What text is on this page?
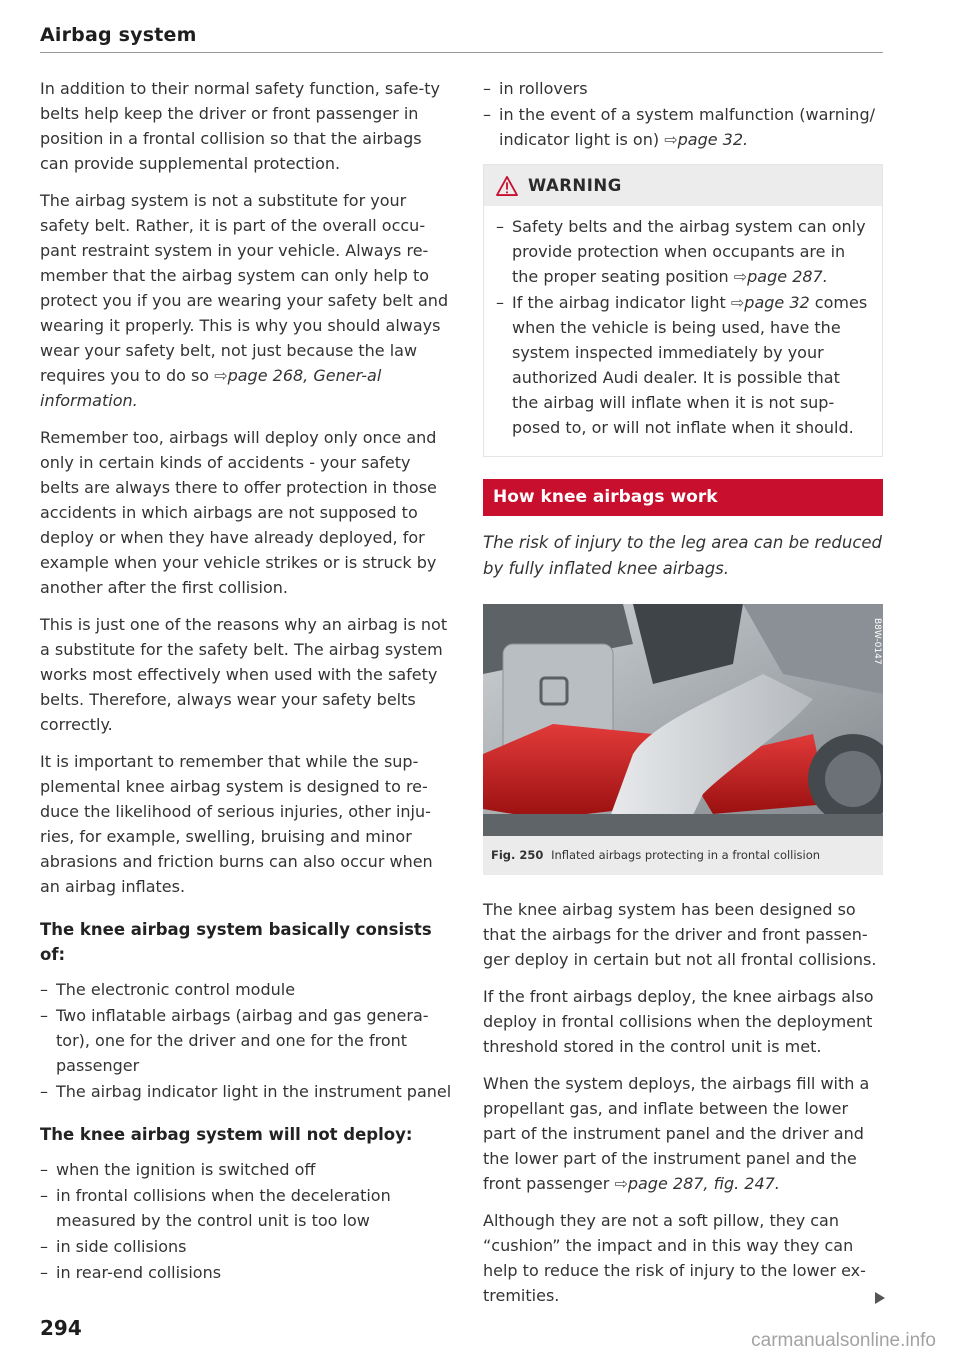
Airbag system

In addition to their normal safety function, safe-ty belts help keep the driver or front passenger in position in a frontal collision so that the airbags can provide supplemental protection.

The airbag system is not a substitute for your safety belt. Rather, it is part of the overall occu-pant restraint system in your vehicle. Always re-member that the airbag system can only help to protect you if you are wearing your safety belt and wearing it properly. This is why you should always wear your safety belt, not just because the law requires you to do so ⇨page 268, Gener-al information.

Remember too, airbags will deploy only once and only in certain kinds of accidents - your safety belts are always there to offer protection in those accidents in which airbags are not supposed to deploy or when they have already deployed, for example when your vehicle strikes or is struck by another after the first collision.

This is just one of the reasons why an airbag is not a substitute for the safety belt. The airbag system works most effectively when used with the safety belts. Therefore, always wear your safety belts correctly.

It is important to remember that while the sup-plemental knee airbag system is designed to re-duce the likelihood of serious injuries, other inju-ries, for example, swelling, bruising and minor abrasions and friction burns can also occur when an airbag inflates.

The knee airbag system basically consists of:
– The electronic control module
– Two inflatable airbags (airbag and gas genera-tor), one for the driver and one for the front passenger
– The airbag indicator light in the instrument panel
The knee airbag system will not deploy:
– when the ignition is switched off
– in frontal collisions when the deceleration measured by the control unit is too low
– in side collisions
– in rear-end collisions
– in rollovers
– in the event of a system malfunction (warning/ indicator light is on) ⇨page 32.
WARNING
– Safety belts and the airbag system can only provide protection when occupants are in the proper seating position ⇨page 287.
– If the airbag indicator light ⇨page 32 comes when the vehicle is being used, have the system inspected immediately by your authorized Audi dealer. It is possible that the airbag will inflate when it is not sup-posed to, or will not inflate when it should.
How knee airbags work

The risk of injury to the leg area can be reduced by fully inflated knee airbags.

B8W-0147
Fig. 250 Inflated airbags protecting in a frontal collision

The knee airbag system has been designed so that the airbags for the driver and front passen-ger deploy in certain but not all frontal collisions.

If the front airbags deploy, the knee airbags also deploy in frontal collisions when the deployment threshold stored in the control unit is met.

When the system deploys, the airbags fill with a propellant gas, and inflate between the lower part of the instrument panel and the driver and the lower part of the instrument panel and the front passenger ⇨page 287, fig. 247.

Although they are not a soft pillow, they can “cushion” the impact and in this way they can help to reduce the risk of injury to the lower ex-tremities.

294
carmanualsonline.info
